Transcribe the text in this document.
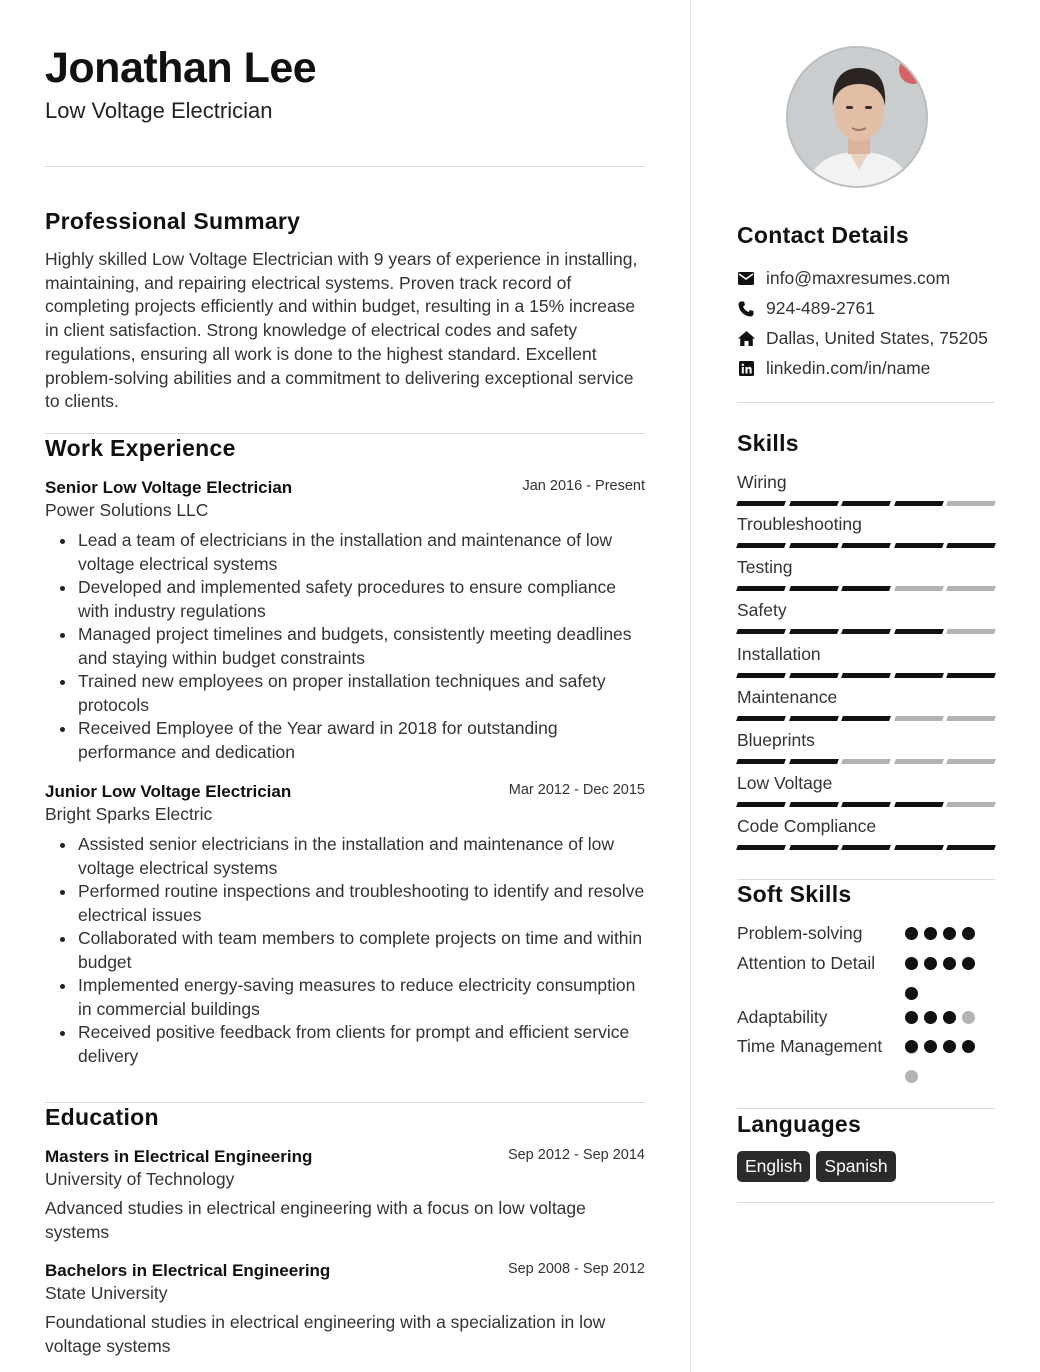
Jonathan Lee
Low Voltage Electrician
Professional Summary
Highly skilled Low Voltage Electrician with 9 years of experience in installing, maintaining, and repairing electrical systems. Proven track record of completing projects efficiently and within budget, resulting in a 15% increase in client satisfaction. Strong knowledge of electrical codes and safety regulations, ensuring all work is done to the highest standard. Excellent problem-solving abilities and a commitment to delivering exceptional service to clients.
Work Experience
Senior Low Voltage Electrician	Jan 2016 - Present
Power Solutions LLC
Lead a team of electricians in the installation and maintenance of low voltage electrical systems
Developed and implemented safety procedures to ensure compliance with industry regulations
Managed project timelines and budgets, consistently meeting deadlines and staying within budget constraints
Trained new employees on proper installation techniques and safety protocols
Received Employee of the Year award in 2018 for outstanding performance and dedication
Junior Low Voltage Electrician	Mar 2012 - Dec 2015
Bright Sparks Electric
Assisted senior electricians in the installation and maintenance of low voltage electrical systems
Performed routine inspections and troubleshooting to identify and resolve electrical issues
Collaborated with team members to complete projects on time and within budget
Implemented energy-saving measures to reduce electricity consumption in commercial buildings
Received positive feedback from clients for prompt and efficient service delivery
Education
Masters in Electrical Engineering	Sep 2012 - Sep 2014
University of Technology
Advanced studies in electrical engineering with a focus on low voltage systems
Bachelors in Electrical Engineering	Sep 2008 - Sep 2012
State University
Foundational studies in electrical engineering with a specialization in low voltage systems
Contact Details
info@maxresumes.com
924-489-2761
Dallas, United States, 75205
linkedin.com/in/name
Skills
Wiring
Troubleshooting
Testing
Safety
Installation
Maintenance
Blueprints
Low Voltage
Code Compliance
Soft Skills
Problem-solving
Attention to Detail
Adaptability
Time Management
Languages
English	Spanish
